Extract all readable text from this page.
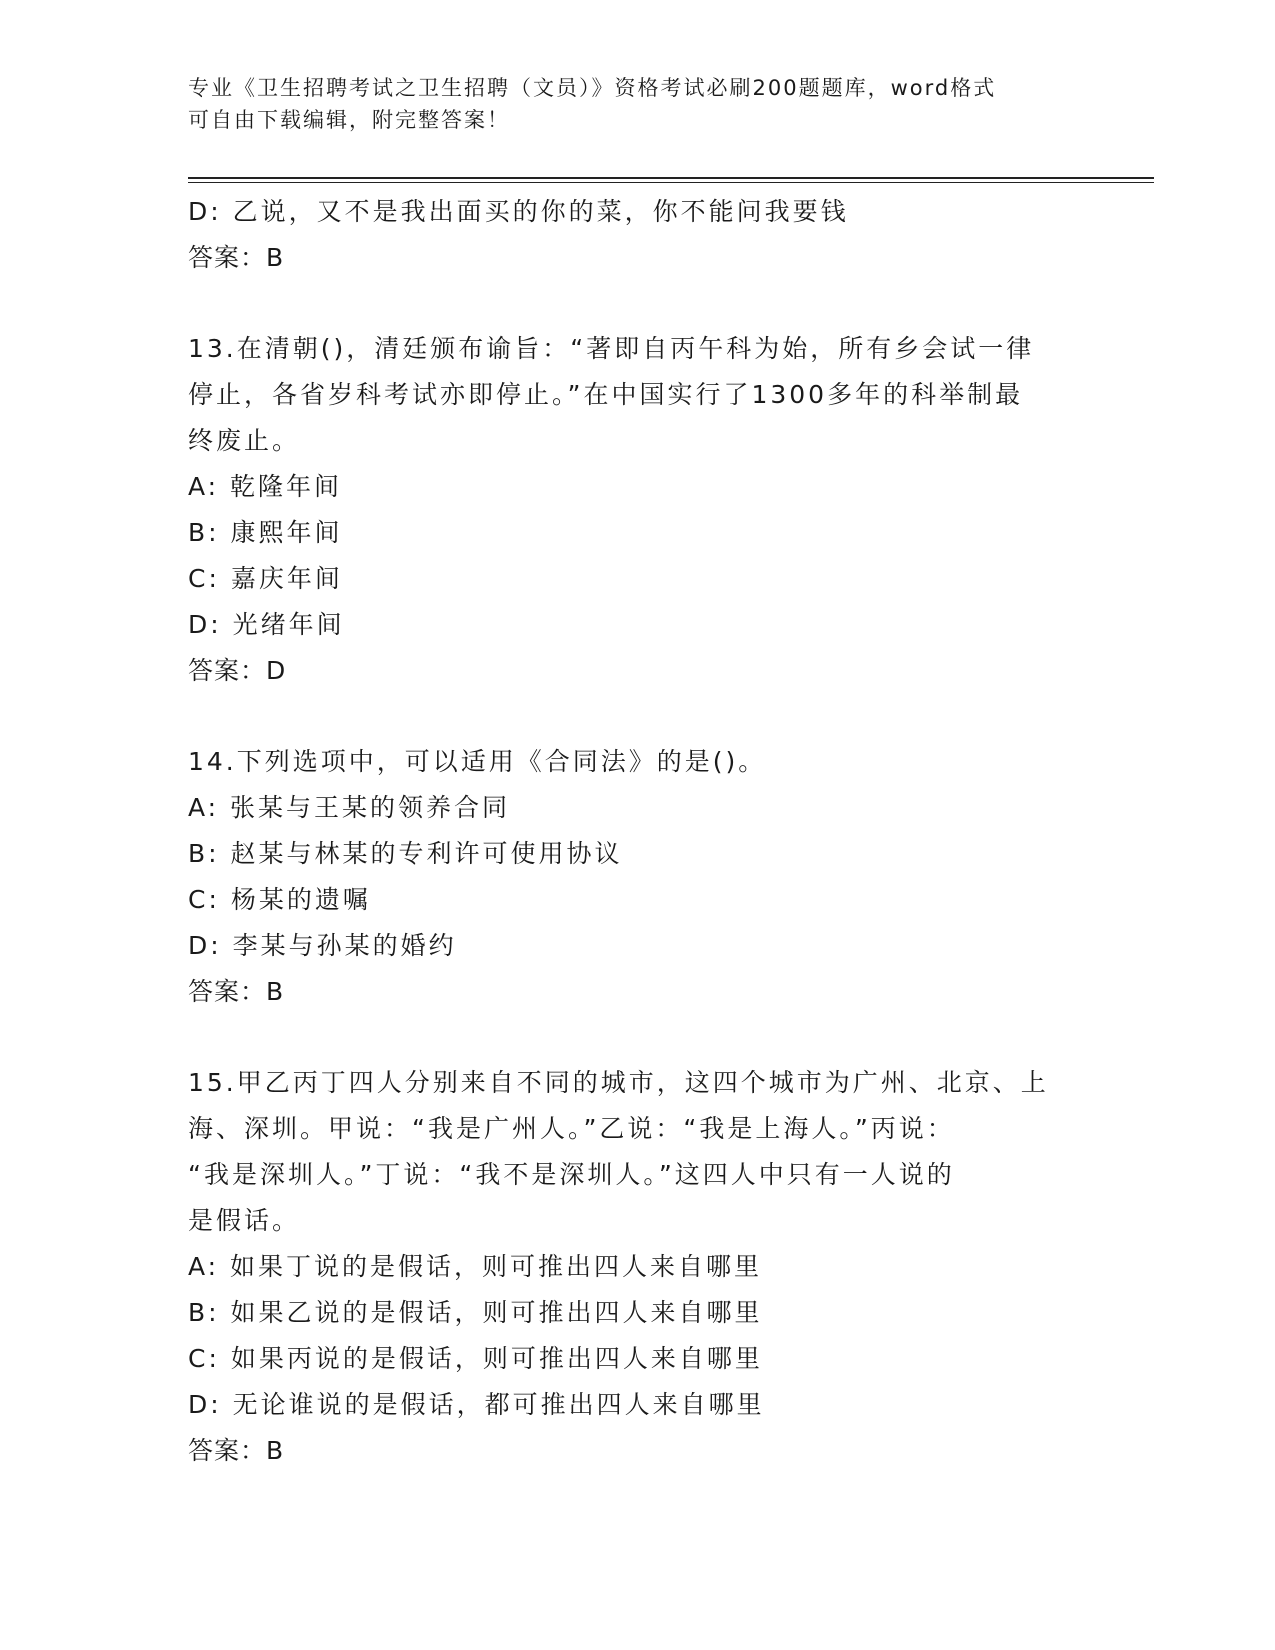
专业《卫生招聘考试之卫生招聘（文员）》资格考试必刷200题题库，word格式
可自由下载编辑，附完整答案！
D: 乙说，又不是我出面买的你的菜，你不能问我要钱
答案：B
13.在清朝()，清廷颁布谕旨：“著即自丙午科为始，所有乡会试一律
停止，各省岁科考试亦即停止。”在中国实行了1300多年的科举制最
终废止。
A: 乾隆年间
B: 康熙年间
C: 嘉庆年间
D: 光绪年间
答案：D
14.下列选项中，可以适用《合同法》的是()。
A: 张某与王某的领养合同
B: 赵某与林某的专利许可使用协议
C: 杨某的遗嘱
D: 李某与孙某的婚约
答案：B
15.甲乙丙丁四人分别来自不同的城市，这四个城市为广州、北京、上
海、深圳。甲说：“我是广州人。”乙说：“我是上海人。”丙说：
“我是深圳人。”丁说：“我不是深圳人。”这四人中只有一人说的
是假话。
A: 如果丁说的是假话，则可推出四人来自哪里
B: 如果乙说的是假话，则可推出四人来自哪里
C: 如果丙说的是假话，则可推出四人来自哪里
D: 无论谁说的是假话，都可推出四人来自哪里
答案：B
